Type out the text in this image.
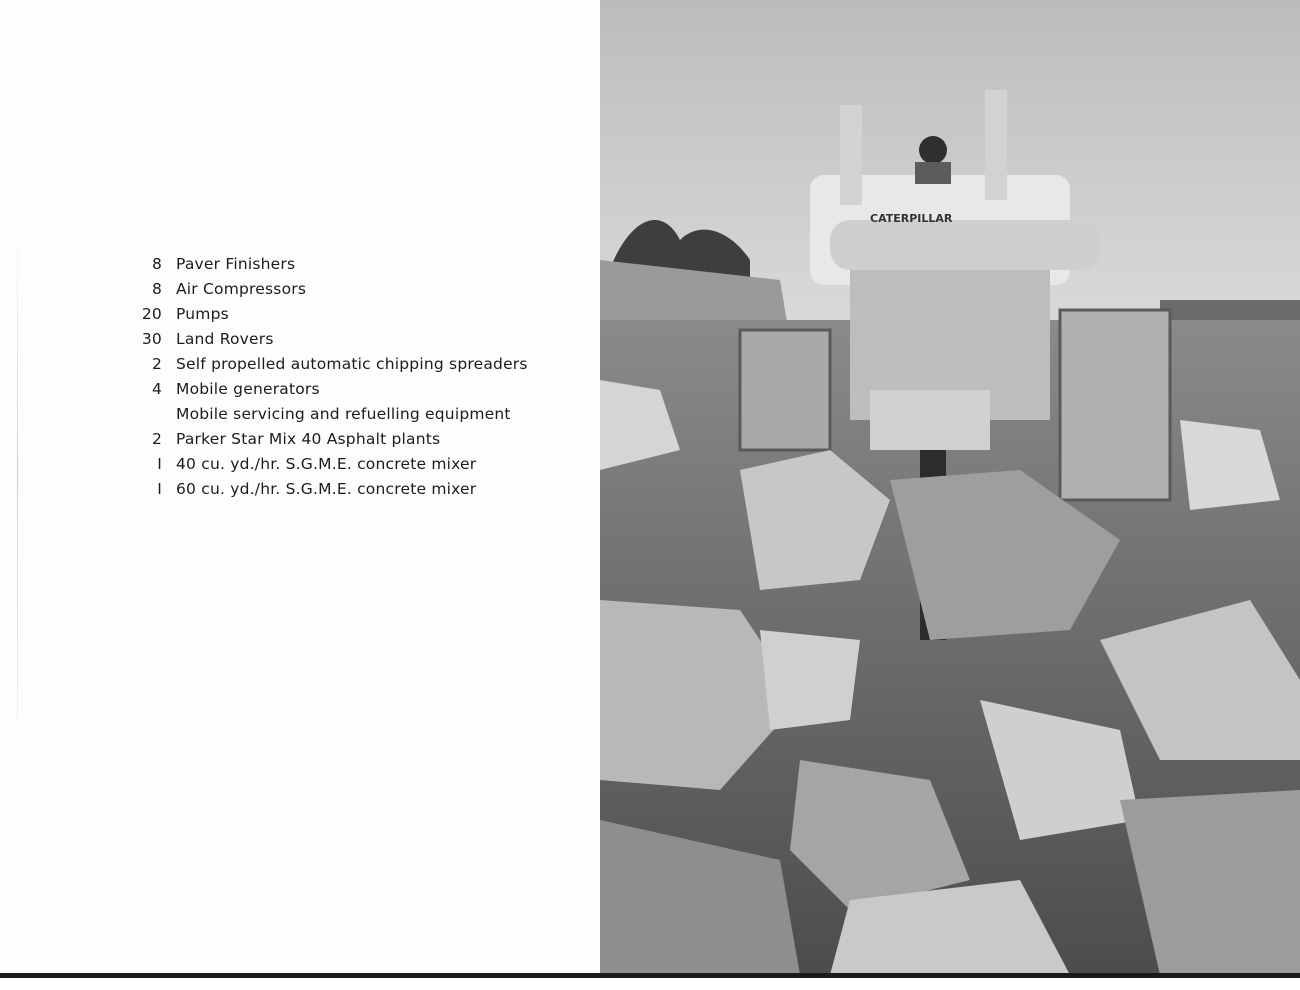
8 Paver Finishers
8 Air Compressors
20 Pumps
30 Land Rovers
2 Self propelled automatic chipping spreaders
4 Mobile generators
Mobile servicing and refuelling equipment
2 Parker Star Mix 40 Asphalt plants
I 40 cu. yd./hr. S.G.M.E. concrete mixer
I 60 cu. yd./hr. S.G.M.E. concrete mixer
CATERPILLAR
